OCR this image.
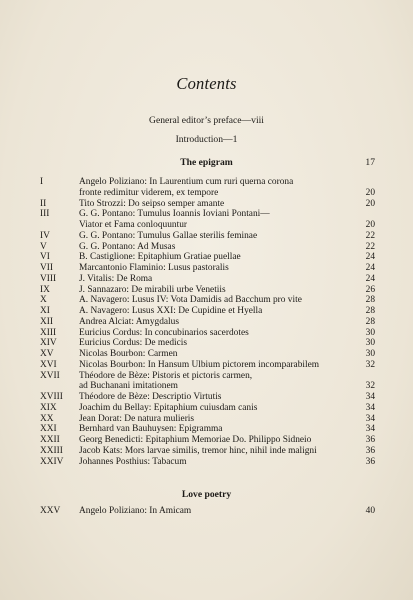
Contents
General editor’s preface—viii
Introduction—1
The epigram	17
I	Angelo Poliziano: In Laurentium cum ruri querna corona
fronte redimitur viderem, ex tempore	20
II	Tito Strozzi: Do seipso semper amante	20
III	G. G. Pontano: Tumulus Ioannis Ioviani Pontani—
Viator et Fama conloquuntur	20
IV	G. G. Pontano: Tumulus Gallae sterilis feminae	22
V	G. G. Pontano: Ad Musas	22
VI	B. Castiglione: Epitaphium Gratiae puellae	24
VII	Marcantonio Flaminio: Lusus pastoralis	24
VIII J. Vitalis: De Roma	24
IX	J. Sannazaro: De mirabili urbe Venetiis	26
X	A. Navagero: Lusus IV: Vota Damidis ad Bacchum pro vite	28
XI	A. Navagero: Lusus XXI: De Cupidine et Hyella	28
XII	Andrea Alciat: Amygdalus	28
XIII Euricius Cordus: In concubinarios sacerdotes	30
XIV Euricius Cordus: De medicis	30
XV	Nicolas Bourbon: Carmen	30
XVI Nicolas Bourbon: In Hansum Ulbium pictorem incomparabilem	32
XVII Théodore de Bèze: Pistoris et pictoris carmen,
ad Buchanani imitationem	32
XVIII Théodore de Bèze: Descriptio Virtutis	34
XIX Joachim du Bellay: Epitaphium cuiusdam canis	34
XX	Jean Dorat: De natura mulieris	34
XXI Bernhard van Bauhuysen: Epigramma	34
XXII Georg Benedicti: Epitaphium Memoriae Do. Philippo Sidneio	36
XXIII Jacob Kats: Mors larvae similis, tremor hinc, nihil inde maligni	36
XXIV Johannes Posthius: Tabacum	36
Love poetry
XXV Angelo Poliziano: In Amicam	40
